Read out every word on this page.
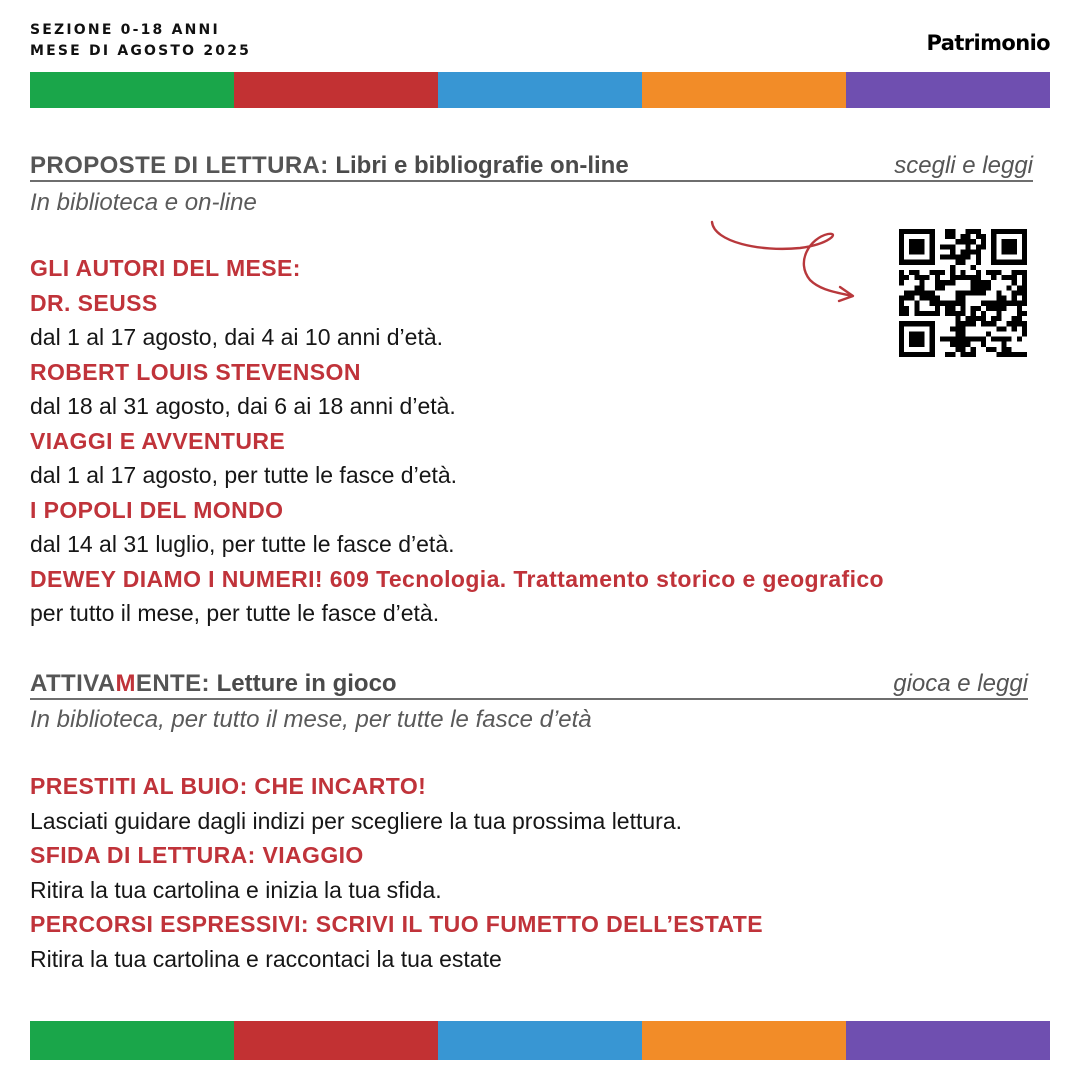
SEZIONE 0-18 ANNI
MESE DI AGOSTO 2025	Patrimonio
PROPOSTE DI LETTURA: Libri e bibliografie on-line	scegli e leggi
In biblioteca e on-line
GLI AUTORI DEL MESE:
DR. SEUSS
dal 1 al 17 agosto, dai 4 ai 10 anni d’età.
ROBERT LOUIS STEVENSON
dal 18 al 31 agosto, dai 6 ai 18 anni d’età.
VIAGGI E AVVENTURE
dal 1 al 17 agosto, per tutte le fasce d’età.
I POPOLI DEL MONDO
dal 14 al 31 luglio, per tutte le fasce d’età.
DEWEY DIAMO I NUMERI! 609 Tecnologia. Trattamento storico e geografico
per tutto il mese, per tutte le fasce d’età.
ATTIVAMENTE: Letture in gioco	gioca e leggi
In biblioteca, per tutto il mese, per tutte le fasce d’età
PRESTITI AL BUIO: CHE INCARTO!
Lasciati guidare dagli indizi per scegliere la tua prossima lettura.
SFIDA DI LETTURA: VIAGGIO
Ritira la tua cartolina e inizia la tua sfida.
PERCORSI ESPRESSIVI: SCRIVI IL TUO FUMETTO DELL’ESTATE
Ritira la tua cartolina e raccontaci la tua estate
